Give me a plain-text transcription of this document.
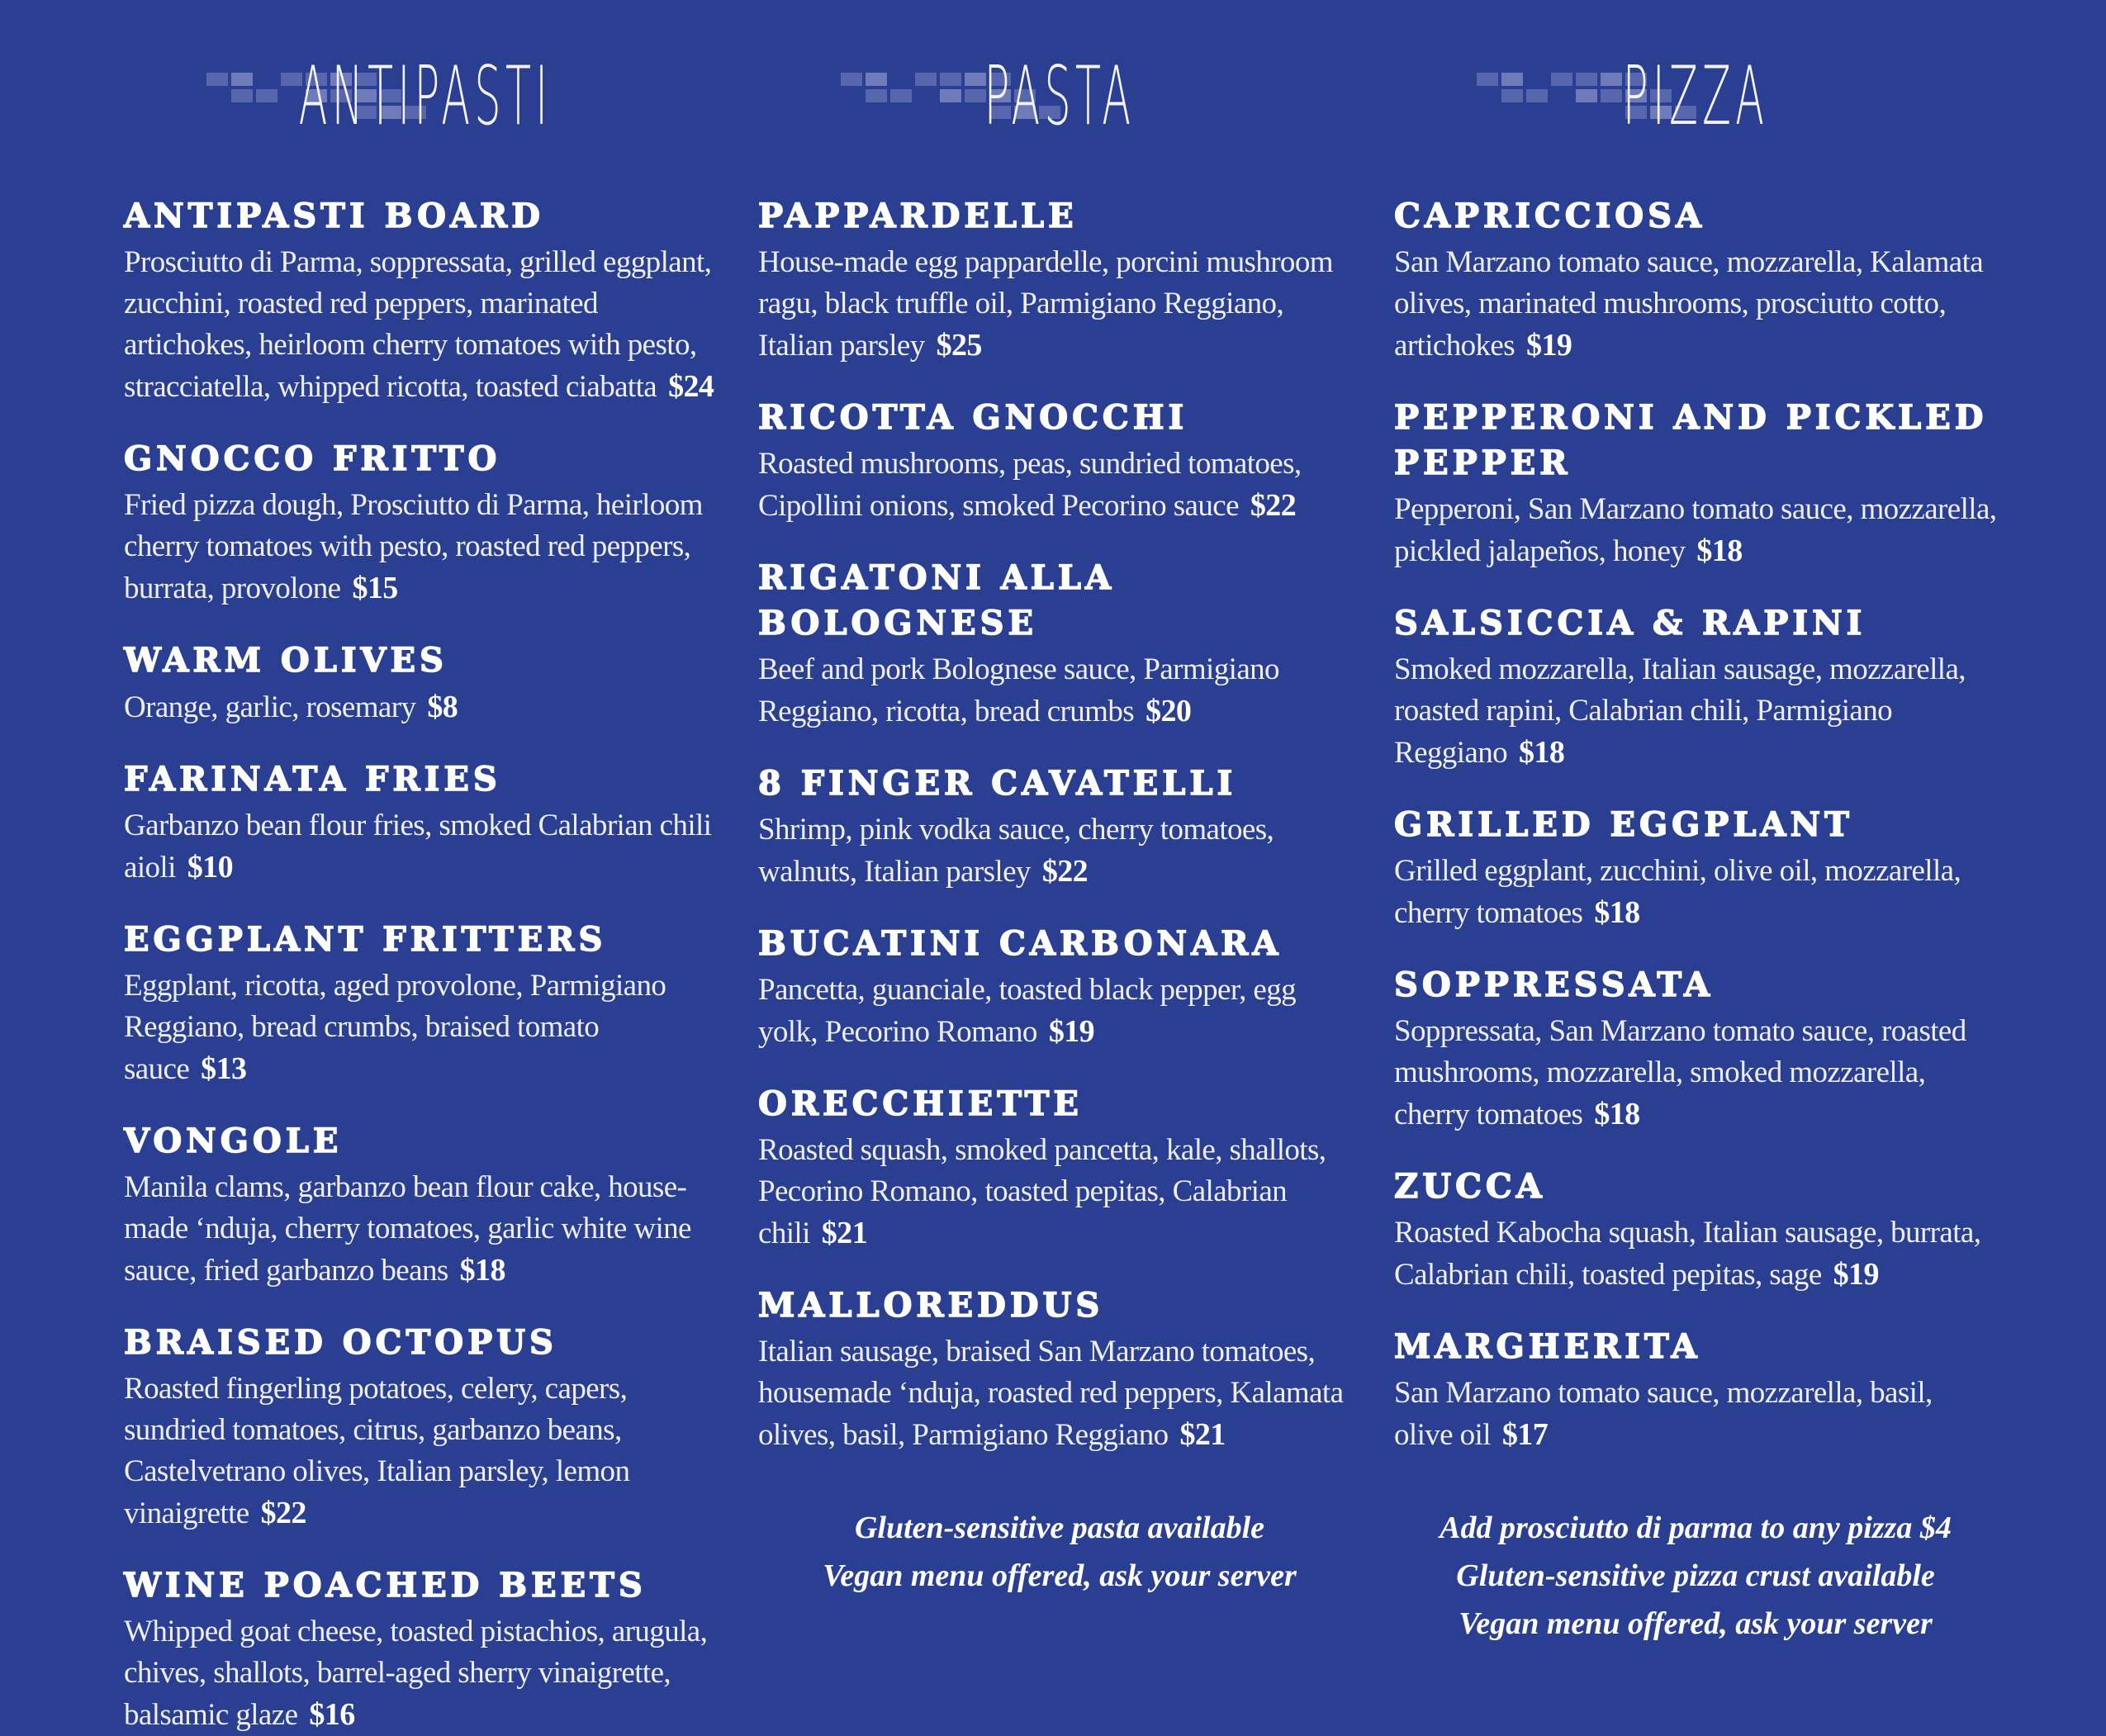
ANTIPASTI
ANTIPASTI BOARD
Prosciutto di Parma, soppressata, grilled eggplant, zucchini, roasted red peppers, marinated artichokes, heirloom cherry tomatoes with pesto, stracciatella, whipped ricotta, toasted ciabatta $24
GNOCCO FRITTO
Fried pizza dough, Prosciutto di Parma, heirloom cherry tomatoes with pesto, roasted red peppers, burrata, provolone $15
WARM OLIVES
Orange, garlic, rosemary $8
FARINATA FRIES
Garbanzo bean flour fries, smoked Calabrian chili aioli $10
EGGPLANT FRITTERS
Eggplant, ricotta, aged provolone, Parmigiano Reggiano, bread crumbs, braised tomato sauce $13
VONGOLE
Manila clams, garbanzo bean flour cake, house-made ‘nduja, cherry tomatoes, garlic white wine sauce, fried garbanzo beans $18
BRAISED OCTOPUS
Roasted fingerling potatoes, celery, capers, sundried tomatoes, citrus, garbanzo beans, Castelvetrano olives, Italian parsley, lemon vinaigrette $22
WINE POACHED BEETS
Whipped goat cheese, toasted pistachios, arugula, chives, shallots, barrel-aged sherry vinaigrette, balsamic glaze $16
PASTA
PAPPARDELLE
House-made egg pappardelle, porcini mushroom ragu, black truffle oil, Parmigiano Reggiano, Italian parsley $25
RICOTTA GNOCCHI
Roasted mushrooms, peas, sundried tomatoes, Cipollini onions, smoked Pecorino sauce $22
RIGATONI ALLA BOLOGNESE
Beef and pork Bolognese sauce, Parmigiano Reggiano, ricotta, bread crumbs $20
8 FINGER CAVATELLI
Shrimp, pink vodka sauce, cherry tomatoes, walnuts, Italian parsley $22
BUCATINI CARBONARA
Pancetta, guanciale, toasted black pepper, egg yolk, Pecorino Romano $19
ORECCHIETTE
Roasted squash, smoked pancetta, kale, shallots, Pecorino Romano, toasted pepitas, Calabrian chili $21
MALLOREDDUS
Italian sausage, braised San Marzano tomatoes, housemade ‘nduja, roasted red peppers, Kalamata olives, basil, Parmigiano Reggiano $21
Gluten-sensitive pasta available
Vegan menu offered, ask your server
PIZZA
CAPRICCIOSA
San Marzano tomato sauce, mozzarella, Kalamata olives, marinated mushrooms, prosciutto cotto, artichokes $19
PEPPERONI AND PICKLED PEPPER
Pepperoni, San Marzano tomato sauce, mozzarella, pickled jalapeños, honey $18
SALSICCIA & RAPINI
Smoked mozzarella, Italian sausage, mozzarella, roasted rapini, Calabrian chili, Parmigiano Reggiano $18
GRILLED EGGPLANT
Grilled eggplant, zucchini, olive oil, mozzarella, cherry tomatoes $18
SOPPRESSATA
Soppressata, San Marzano tomato sauce, roasted mushrooms, mozzarella, smoked mozzarella, cherry tomatoes $18
ZUCCA
Roasted Kabocha squash, Italian sausage, burrata, Calabrian chili, toasted pepitas, sage $19
MARGHERITA
San Marzano tomato sauce, mozzarella, basil, olive oil $17
Add prosciutto di parma to any pizza $4
Gluten-sensitive pizza crust available
Vegan menu offered, ask your server
